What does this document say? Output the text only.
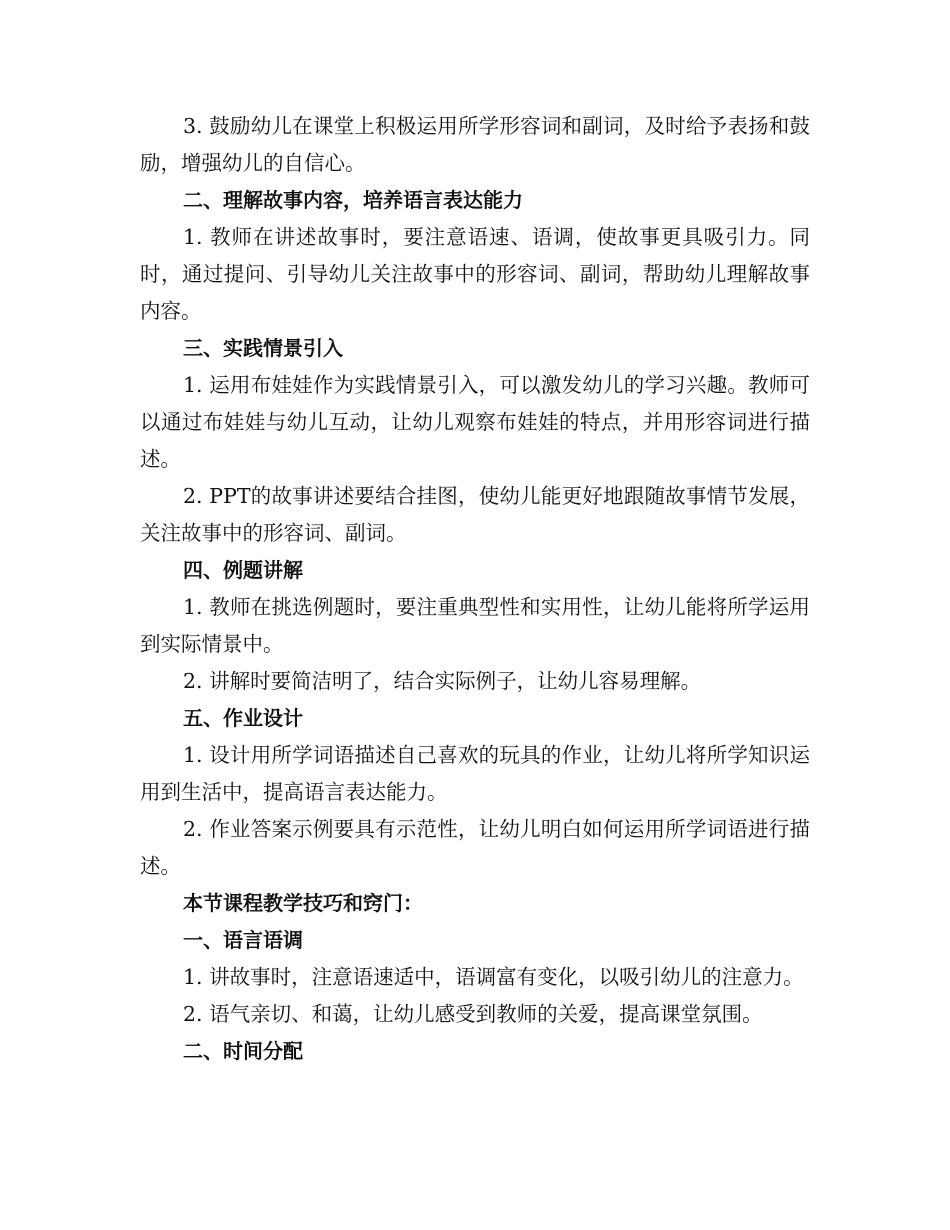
3. 鼓励幼儿在课堂上积极运用所学形容词和副词，及时给予表扬和鼓励，增强幼儿的自信心。

二、理解故事内容，培养语言表达能力

1. 教师在讲述故事时，要注意语速、语调，使故事更具吸引力。同时，通过提问、引导幼儿关注故事中的形容词、副词，帮助幼儿理解故事内容。

三、实践情景引入

1. 运用布娃娃作为实践情景引入，可以激发幼儿的学习兴趣。教师可以通过布娃娃与幼儿互动，让幼儿观察布娃娃的特点，并用形容词进行描述。

2. PPT的故事讲述要结合挂图，使幼儿能更好地跟随故事情节发展，关注故事中的形容词、副词。

四、例题讲解

1. 教师在挑选例题时，要注重典型性和实用性，让幼儿能将所学运用到实际情景中。

2. 讲解时要简洁明了，结合实际例子，让幼儿容易理解。

五、作业设计

1. 设计用所学词语描述自己喜欢的玩具的作业，让幼儿将所学知识运用到生活中，提高语言表达能力。

2. 作业答案示例要具有示范性，让幼儿明白如何运用所学词语进行描述。

本节课程教学技巧和窍门：

一、语言语调

1. 讲故事时，注意语速适中，语调富有变化，以吸引幼儿的注意力。

2. 语气亲切、和蔼，让幼儿感受到教师的关爱，提高课堂氛围。

二、时间分配
